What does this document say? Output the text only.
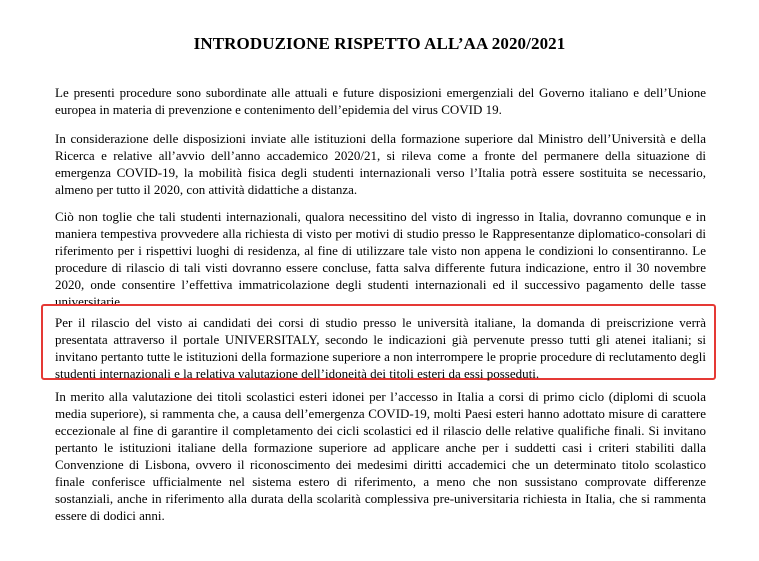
INTRODUZIONE RISPETTO ALL’AA 2020/2021

Le presenti procedure sono subordinate alle attuali e future disposizioni emergenziali del Governo italiano e dell’Unione europea in materia di prevenzione e contenimento dell’epidemia del virus COVID 19.

In considerazione delle disposizioni inviate alle istituzioni della formazione superiore dal Ministro dell’Università e della Ricerca e relative all’avvio dell’anno accademico 2020/21, si rileva come a fronte del permanere della situazione di emergenza COVID-19, la mobilità fisica degli studenti internazionali verso l’Italia potrà essere sostituita se necessario, almeno per tutto il 2020, con attività didattiche a distanza.

Ciò non toglie che tali studenti internazionali, qualora necessitino del visto di ingresso in Italia, dovranno comunque e in maniera tempestiva provvedere alla richiesta di visto per motivi di studio presso le Rappresentanze diplomatico-consolari di riferimento per i rispettivi luoghi di residenza, al fine di utilizzare tale visto non appena le condizioni lo consentiranno. Le procedure di rilascio di tali visti dovranno essere concluse, fatta salva differente futura indicazione, entro il 30 novembre 2020, onde consentire l’effettiva immatricolazione degli studenti internazionali ed il successivo pagamento delle tasse universitarie.

Per il rilascio del visto ai candidati dei corsi di studio presso le università italiane, la domanda di preiscrizione verrà presentata attraverso il portale UNIVERSITALY, secondo le indicazioni già pervenute presso tutti gli atenei italiani; si invitano pertanto tutte le istituzioni della formazione superiore a non interrompere le proprie procedure di reclutamento degli studenti internazionali e la relativa valutazione dell’idoneità dei titoli esteri da essi posseduti.

In merito alla valutazione dei titoli scolastici esteri idonei per l’accesso in Italia a corsi di primo ciclo (diplomi di scuola media superiore), si rammenta che, a causa dell’emergenza COVID-19, molti Paesi esteri hanno adottato misure di carattere eccezionale al fine di garantire il completamento dei cicli scolastici ed il rilascio delle relative qualifiche finali. Si invitano pertanto le istituzioni italiane della formazione superiore ad applicare anche per i suddetti casi i criteri stabiliti dalla Convenzione di Lisbona, ovvero il riconoscimento dei medesimi diritti accademici che un determinato titolo scolastico finale conferisce ufficialmente nel sistema estero di riferimento, a meno che non sussistano comprovate differenze sostanziali, anche in riferimento alla durata della scolarità complessiva pre-universitaria richiesta in Italia, che si rammenta essere di dodici anni.
